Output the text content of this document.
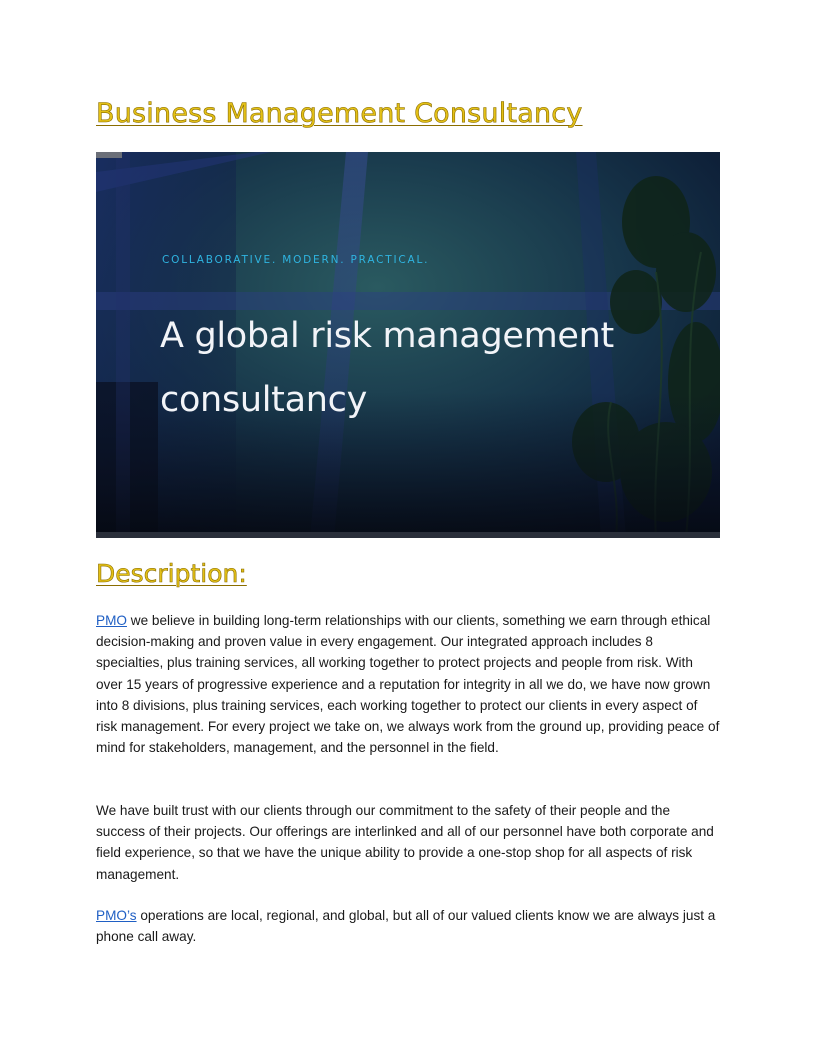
Business Management Consultancy
COLLABORATIVE. MODERN. PRACTICAL.
A global risk management consultancy
Description:

PMO we believe in building long-term relationships with our clients, something we earn through ethical decision-making and proven value in every engagement. Our integrated approach includes 8 specialties, plus training services, all working together to protect projects and people from risk. With over 15 years of progressive experience and a reputation for integrity in all we do, we have now grown into 8 divisions, plus training services, each working together to protect our clients in every aspect of risk management. For every project we take on, we always work from the ground up, providing peace of mind for stakeholders, management, and the personnel in the field.

We have built trust with our clients through our commitment to the safety of their people and the success of their projects. Our offerings are interlinked and all of our personnel have both corporate and field experience, so that we have the unique ability to provide a one-stop shop for all aspects of risk management.

PMO’s operations are local, regional, and global, but all of our valued clients know we are always just a phone call away.
